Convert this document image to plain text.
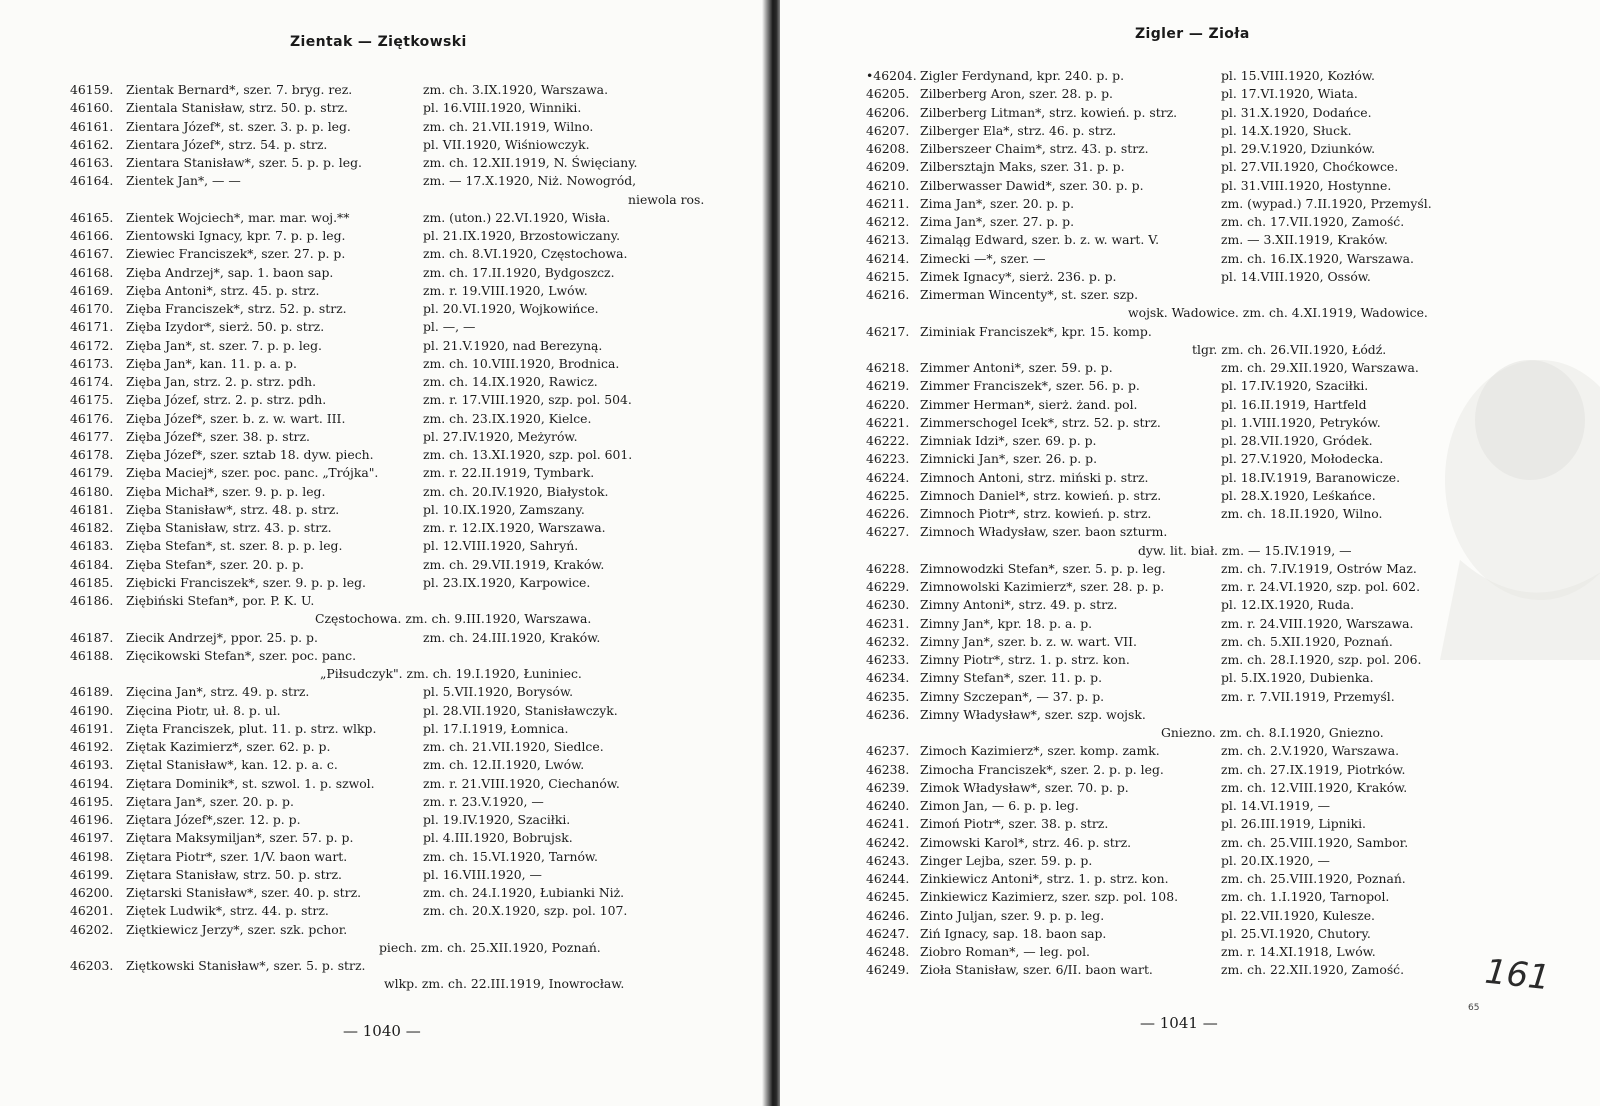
Zientak — Ziętkowski
46159. Zientak Bernard*, szer. 7. bryg. rez.	zm. ch. 3.IX.1920, Warszawa.
46160. Zientala Stanisław, strz. 50. p. strz.	pl. 16.VIII.1920, Winniki.
46161. Zientara Józef*, st. szer. 3. p. p. leg.	zm. ch. 21.VII.1919, Wilno.
46162. Zientara Józef*, strz. 54. p. strz.	pl. VII.1920, Wiśniowczyk.
46163. Zientara Stanisław*, szer. 5. p. p. leg.	zm. ch. 12.XII.1919, N. Święciany.
46164. Zientek Jan*, — —	zm. — 17.X.1920, Niż. Nowogród,
niewola ros.
46165. Zientek Wojciech*, mar. mar. woj.**	zm. (uton.) 22.VI.1920, Wisła.
46166. Zientowski Ignacy, kpr. 7. p. p. leg.	pl. 21.IX.1920, Brzostowiczany.
46167. Ziewiec Franciszek*, szer. 27. p. p.	zm. ch. 8.VI.1920, Częstochowa.
46168. Zięba Andrzej*, sap. 1. baon sap.	zm. ch. 17.II.1920, Bydgoszcz.
46169. Zięba Antoni*, strz. 45. p. strz.	zm. r. 19.VIII.1920, Lwów.
46170. Zięba Franciszek*, strz. 52. p. strz.	pl. 20.VI.1920, Wojkowińce.
46171. Zięba Izydor*, sierż. 50. p. strz.	pl. —, —
46172. Zięba Jan*, st. szer. 7. p. p. leg.	pl. 21.V.1920, nad Berezyną.
46173. Zięba Jan*, kan. 11. p. a. p.	zm. ch. 10.VIII.1920, Brodnica.
46174. Zięba Jan, strz. 2. p. strz. pdh.	zm. ch. 14.IX.1920, Rawicz.
46175. Zięba Józef, strz. 2. p. strz. pdh.	zm. r. 17.VIII.1920, szp. pol. 504.
46176. Zięba Józef*, szer. b. z. w. wart. III.	zm. ch. 23.IX.1920, Kielce.
46177. Zięba Józef*, szer. 38. p. strz.	pl. 27.IV.1920, Meżyrów.
46178. Zięba Józef*, szer. sztab 18. dyw. piech.	zm. ch. 13.XI.1920, szp. pol. 601.
46179. Zięba Maciej*, szer. poc. panc. „Trójka".	zm. r. 22.II.1919, Tymbark.
46180. Zięba Michał*, szer. 9. p. p. leg.	zm. ch. 20.IV.1920, Białystok.
46181. Zięba Stanisław*, strz. 48. p. strz.	pl. 10.IX.1920, Zamszany.
46182. Zięba Stanisław, strz. 43. p. strz.	zm. r. 12.IX.1920, Warszawa.
46183. Zięba Stefan*, st. szer. 8. p. p. leg.	pl. 12.VIII.1920, Sahryń.
46184. Zięba Stefan*, szer. 20. p. p.	zm. ch. 29.VII.1919, Kraków.
46185. Ziębicki Franciszek*, szer. 9. p. p. leg.	pl. 23.IX.1920, Karpowice.
46186. Ziębiński Stefan*, por. P. K. U.
Częstochowa. zm. ch. 9.III.1920, Warszawa.
46187. Ziecik Andrzej*, ppor. 25. p. p.	zm. ch. 24.III.1920, Kraków.
46188. Zięcikowski Stefan*, szer. poc. panc.
„Piłsudczyk". zm. ch. 19.I.1920, Łuniniec.
46189. Zięcina Jan*, strz. 49. p. strz.	pl. 5.VII.1920, Borysów.
46190. Zięcina Piotr, uł. 8. p. ul.	pl. 28.VII.1920, Stanisławczyk.
46191. Zięta Franciszek, plut. 11. p. strz. wlkp.	pl. 17.I.1919, Łomnica.
46192. Ziętak Kazimierz*, szer. 62. p. p.	zm. ch. 21.VII.1920, Siedlce.
46193. Ziętal Stanisław*, kan. 12. p. a. c.	zm. ch. 12.II.1920, Lwów.
46194. Ziętara Dominik*, st. szwol. 1. p. szwol.	zm. r. 21.VIII.1920, Ciechanów.
46195. Ziętara Jan*, szer. 20. p. p.	zm. r. 23.V.1920, —
46196. Ziętara Józef*,szer. 12. p. p.	pl. 19.IV.1920, Szaciłki.
46197. Ziętara Maksymiljan*, szer. 57. p. p.	pl. 4.III.1920, Bobrujsk.
46198. Ziętara Piotr*, szer. 1/V. baon wart.	zm. ch. 15.VI.1920, Tarnów.
46199. Ziętara Stanisław, strz. 50. p. strz.	pl. 16.VIII.1920, —
46200. Ziętarski Stanisław*, szer. 40. p. strz.	zm. ch. 24.I.1920, Łubianki Niż.
46201. Ziętek Ludwik*, strz. 44. p. strz.	zm. ch. 20.X.1920, szp. pol. 107.
46202. Ziętkiewicz Jerzy*, szer. szk. pchor.
piech. zm. ch. 25.XII.1920, Poznań.
46203. Ziętkowski Stanisław*, szer. 5. p. strz.
wlkp. zm. ch. 22.III.1919, Inowrocław.
— 1040 —
Zigler — Zioła
•46204. Zigler Ferdynand, kpr. 240. p. p.	pl. 15.VIII.1920, Kozłów.
46205. Zilberberg Aron, szer. 28. p. p.	pl. 17.VI.1920, Wiata.
46206. Zilberberg Litman*, strz. kowień. p. strz.	pl. 31.X.1920, Dodańce.
46207. Zilberger Ela*, strz. 46. p. strz.	pl. 14.X.1920, Słuck.
46208. Zilberszeer Chaim*, strz. 43. p. strz.	pl. 29.V.1920, Dziunków.
46209. Zilbersztajn Maks, szer. 31. p. p.	pl. 27.VII.1920, Choćkowce.
46210. Zilberwasser Dawid*, szer. 30. p. p.	pl. 31.VIII.1920, Hostynne.
46211. Zima Jan*, szer. 20. p. p.	zm. (wypad.) 7.II.1920, Przemyśl.
46212. Zima Jan*, szer. 27. p. p.	zm. ch. 17.VII.1920, Zamość.
46213. Zimaląg Edward, szer. b. z. w. wart. V.	zm. — 3.XII.1919, Kraków.
46214. Zimecki —*, szer. —	zm. ch. 16.IX.1920, Warszawa.
46215. Zimek Ignacy*, sierż. 236. p. p.	pl. 14.VIII.1920, Ossów.
46216. Zimerman Wincenty*, st. szer. szp.
wojsk. Wadowice. zm. ch. 4.XI.1919, Wadowice.
46217. Ziminiak Franciszek*, kpr. 15. komp.
tlgr. zm. ch. 26.VII.1920, Łódź.
46218. Zimmer Antoni*, szer. 59. p. p.	zm. ch. 29.XII.1920, Warszawa.
46219. Zimmer Franciszek*, szer. 56. p. p.	pl. 17.IV.1920, Szaciłki.
46220. Zimmer Herman*, sierż. żand. pol.	pl. 16.II.1919, Hartfeld
46221. Zimmerschogel Icek*, strz. 52. p. strz.	pl. 1.VIII.1920, Petryków.
46222. Zimniak Idzi*, szer. 69. p. p.	pl. 28.VII.1920, Gródek.
46223. Zimnicki Jan*, szer. 26. p. p.	pl. 27.V.1920, Mołodecka.
46224. Zimnoch Antoni, strz. miński p. strz.	pl. 18.IV.1919, Baranowicze.
46225. Zimnoch Daniel*, strz. kowień. p. strz.	pl. 28.X.1920, Leśkańce.
46226. Zimnoch Piotr*, strz. kowień. p. strz.	zm. ch. 18.II.1920, Wilno.
46227. Zimnoch Władysław, szer. baon szturm.
dyw. lit. biał. zm. — 15.IV.1919, —
46228. Zimnowodzki Stefan*, szer. 5. p. p. leg.	zm. ch. 7.IV.1919, Ostrów Maz.
46229. Zimnowolski Kazimierz*, szer. 28. p. p.	zm. r. 24.VI.1920, szp. pol. 602.
46230. Zimny Antoni*, strz. 49. p. strz.	pl. 12.IX.1920, Ruda.
46231. Zimny Jan*, kpr. 18. p. a. p.	zm. r. 24.VIII.1920, Warszawa.
46232. Zimny Jan*, szer. b. z. w. wart. VII.	zm. ch. 5.XII.1920, Poznań.
46233. Zimny Piotr*, strz. 1. p. strz. kon.	zm. ch. 28.I.1920, szp. pol. 206.
46234. Zimny Stefan*, szer. 11. p. p.	pl. 5.IX.1920, Dubienka.
46235. Zimny Szczepan*, — 37. p. p.	zm. r. 7.VII.1919, Przemyśl.
46236. Zimny Władysław*, szer. szp. wojsk.
Gniezno. zm. ch. 8.I.1920, Gniezno.
46237. Zimoch Kazimierz*, szer. komp. zamk.	zm. ch. 2.V.1920, Warszawa.
46238. Zimocha Franciszek*, szer. 2. p. p. leg.	zm. ch. 27.IX.1919, Piotrków.
46239. Zimok Władysław*, szer. 70. p. p.	zm. ch. 12.VIII.1920, Kraków.
46240. Zimon Jan, — 6. p. p. leg.	pl. 14.VI.1919, —
46241. Zimoń Piotr*, szer. 38. p. strz.	pl. 26.III.1919, Lipniki.
46242. Zimowski Karol*, strz. 46. p. strz.	zm. ch. 25.VIII.1920, Sambor.
46243. Zinger Lejba, szer. 59. p. p.	pl. 20.IX.1920, —
46244. Zinkiewicz Antoni*, strz. 1. p. strz. kon.	zm. ch. 25.VIII.1920, Poznań.
46245. Zinkiewicz Kazimierz, szer. szp. pol. 108.	zm. ch. 1.I.1920, Tarnopol.
46246. Zinto Juljan, szer. 9. p. p. leg.	pl. 22.VII.1920, Kulesze.
46247. Ziń Ignacy, sap. 18. baon sap.	pl. 25.VI.1920, Chutory.
46248. Ziobro Roman*, — leg. pol.	zm. r. 14.XI.1918, Lwów.
46249. Zioła Stanisław, szer. 6/II. baon wart.	zm. ch. 22.XII.1920, Zamość.
— 1041 —
161
65
